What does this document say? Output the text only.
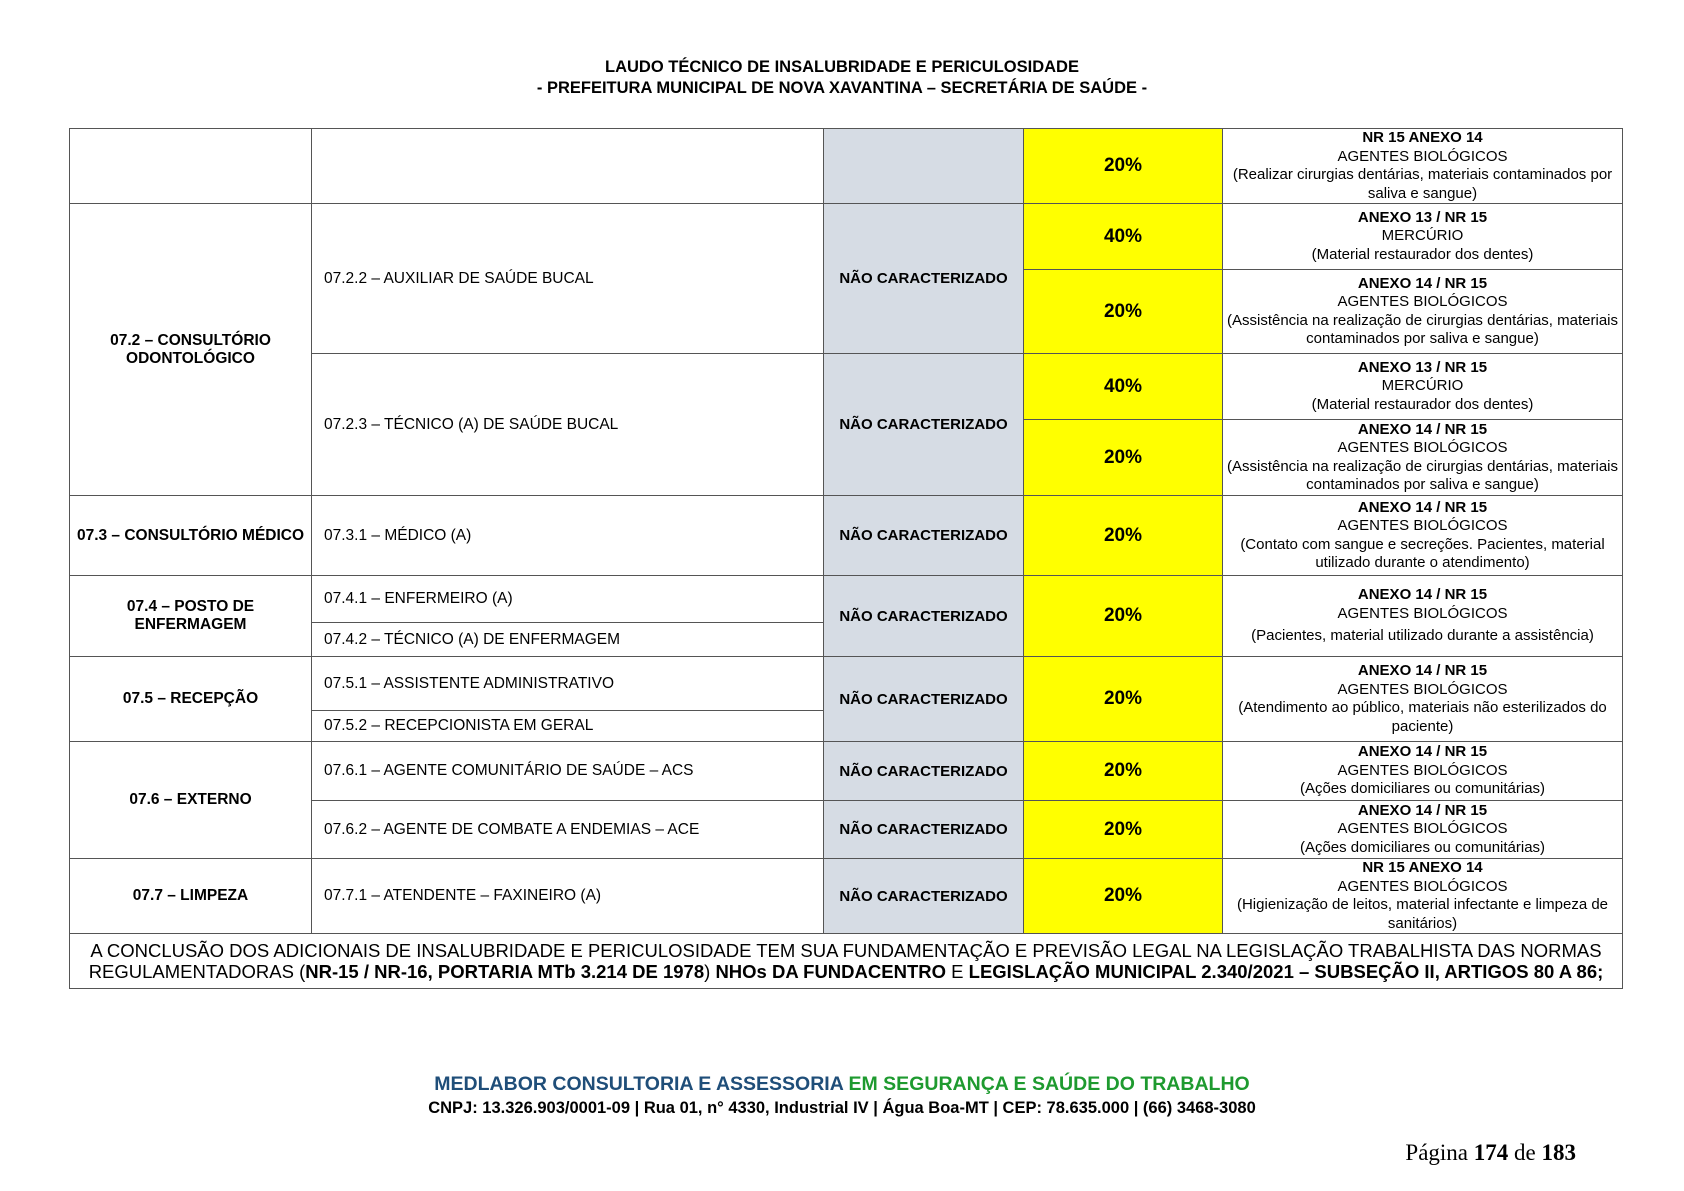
LAUDO TÉCNICO DE INSALUBRIDADE E PERICULOSIDADE
- PREFEITURA MUNICIPAL DE NOVA XAVANTINA – SECRETÁRIA DE SAÚDE -
			20%	NR 15 ANEXO 14
AGENTES BIOLÓGICOS
(Realizar cirurgias dentárias, materiais contaminados por saliva e sangue)

07.2 – CONSULTÓRIO ODONTOLÓGICO	07.2.2 – AUXILIAR DE SAÚDE BUCAL	NÃO CARACTERIZADO	40%	ANEXO 13 / NR 15
MERCÚRIO
(Material restaurador dos dentes)

			20%	ANEXO 14 / NR 15
AGENTES BIOLÓGICOS
(Assistência na realização de cirurgias dentárias, materiais contaminados por saliva e sangue)

	07.2.3 – TÉCNICO (A) DE SAÚDE BUCAL	NÃO CARACTERIZADO	40%	ANEXO 13 / NR 15
MERCÚRIO
(Material restaurador dos dentes)

			20%	ANEXO 14 / NR 15
AGENTES BIOLÓGICOS
(Assistência na realização de cirurgias dentárias, materiais contaminados por saliva e sangue)

07.3 – CONSULTÓRIO MÉDICO	07.3.1 – MÉDICO (A)	NÃO CARACTERIZADO	20%	ANEXO 14 / NR 15
AGENTES BIOLÓGICOS
(Contato com sangue e secreções. Pacientes, material utilizado durante o atendimento)

07.4 – POSTO DE ENFERMAGEM	07.4.1 – ENFERMEIRO (A)	NÃO CARACTERIZADO	20%	ANEXO 14 / NR 15
AGENTES BIOLÓGICOS
(Pacientes, material utilizado durante a assistência)

	07.4.2 – TÉCNICO (A) DE ENFERMAGEM			
07.5 – RECEPÇÃO	07.5.1 – ASSISTENTE ADMINISTRATIVO	NÃO CARACTERIZADO	20%	ANEXO 14 / NR 15
AGENTES BIOLÓGICOS
(Atendimento ao público, materiais não esterilizados do paciente)

	07.5.2 – RECEPCIONISTA EM GERAL			
07.6 – EXTERNO	07.6.1 – AGENTE COMUNITÁRIO DE SAÚDE – ACS	NÃO CARACTERIZADO	20%	ANEXO 14 / NR 15
AGENTES BIOLÓGICOS
(Ações domiciliares ou comunitárias)

	07.6.2 – AGENTE DE COMBATE A ENDEMIAS – ACE	NÃO CARACTERIZADO	20%	ANEXO 14 / NR 15
AGENTES BIOLÓGICOS
(Ações domiciliares ou comunitárias)

07.7 – LIMPEZA	07.7.1 – ATENDENTE – FAXINEIRO (A)	NÃO CARACTERIZADO	20%	NR 15 ANEXO 14
AGENTES BIOLÓGICOS
(Higienização de leitos, material infectante e limpeza de sanitários)

A CONCLUSÃO DOS ADICIONAIS DE INSALUBRIDADE E PERICULOSIDADE TEM SUA FUNDAMENTAÇÃO E PREVISÃO LEGAL NA LEGISLAÇÃO TRABALHISTA DAS NORMAS REGULAMENTADORAS (NR-15 / NR-16, PORTARIA MTb 3.214 DE 1978) NHOs DA FUNDACENTRO E LEGISLAÇÃO MUNICIPAL 2.340/2021 – SUBSEÇÃO II, ARTIGOS 80 A 86;				
MEDLABOR CONSULTORIA E ASSESSORIA EM SEGURANÇA E SAÚDE DO TRABALHO
CNPJ: 13.326.903/0001-09 | Rua 01, n° 4330, Industrial IV | Água Boa-MT | CEP: 78.635.000 | (66) 3468-3080
Página 174 de 183
